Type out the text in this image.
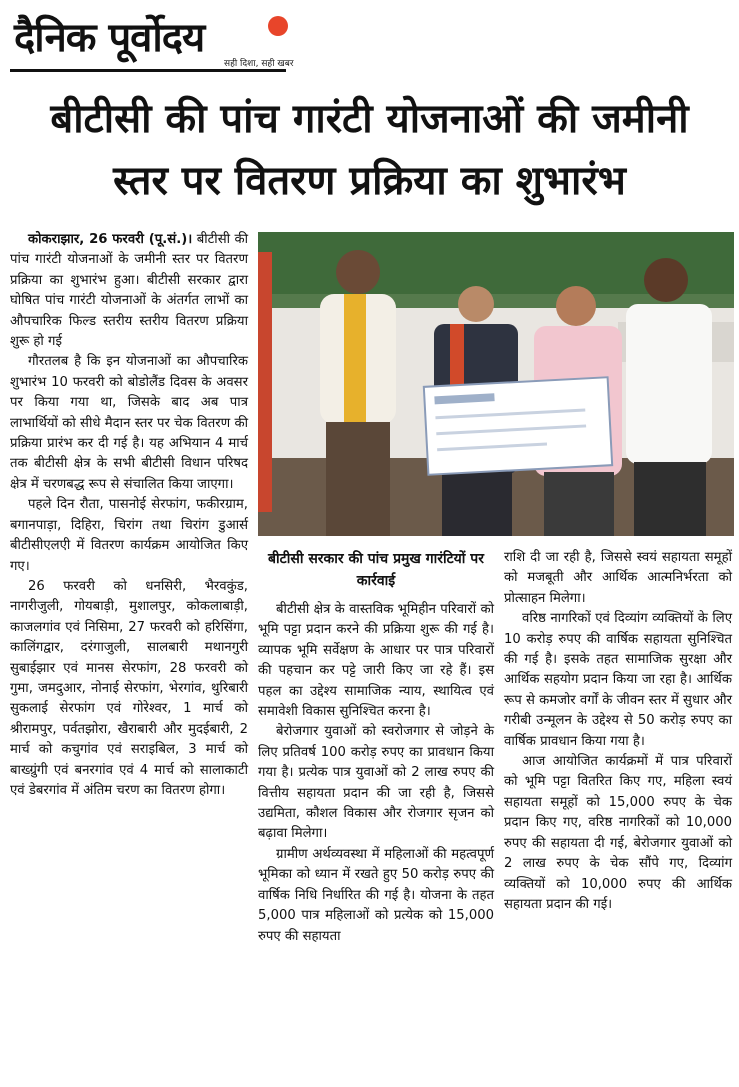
दैनिक पूर्वोदय
सही दिशा, सही खबर
बीटीसी की पांच गारंटी योजनाओं की जमीनी
स्तर पर वितरण प्रक्रिया का शुभारंभ

कोकराझार, 26 फरवरी (पू.सं.)। बीटीसी की पांच गारंटी योजनाओं के जमीनी स्तर पर वितरण प्रक्रिया का शुभारंभ हुआ। बीटीसी सरकार द्वारा घोषित पांच गारंटी योजनाओं के अंतर्गत लाभों का औपचारिक फिल्ड स्तरीय स्तरीय वितरण प्रक्रिया शुरू हो गई

गौरतलब है कि इन योजनाओं का औपचारिक शुभारंभ 10 फरवरी को बोडोलैंड दिवस के अवसर पर किया गया था, जिसके बाद अब पात्र लाभार्थियों को सीधे मैदान स्तर पर चेक वितरण की प्रक्रिया प्रारंभ कर दी गई है। यह अभियान 4 मार्च तक बीटीसी क्षेत्र के सभी बीटीसी विधान परिषद क्षेत्र में चरणबद्ध रूप से संचालित किया जाएगा।

पहले दिन रौता, पासनोई सेरफांग, फकीरग्राम, बगानपाड़ा, दिहिरा, चिरांग तथा चिरांग डुआर्स बीटीसीएलएी में वितरण कार्यक्रम आयोजित किए गए।

26 फरवरी को धनसिरी, भैरवकुंड, नागरीजुली, गोयबाड़ी, मुशालपुर, कोकलाबाड़ी, काजलगांव एवं निसिमा, 27 फरवरी को हरिसिंगा, कालिंगद्वार, दरंगाजुली, सालबारी मथानगुरी सुबाईझार एवं मानस सेरफांग, 28 फरवरी को गुमा, जमदुआर, नोनाई सेरफांग, भेरगांव, थुरिबारी सुकलाई सेरफांग एवं गोरेश्वर, 1 मार्च को श्रीरामपुर, पर्वतझोरा, खैराबारी और मुदईबारी, 2 मार्च को कचुगांव एवं सराइबिल, 3 मार्च को बाख्ग्रुंगी एवं बनरगांव एवं 4 मार्च को सालाकाटी एवं डेबरगांव में अंतिम चरण का वितरण होगा।

बीटीसी सरकार की पांच प्रमुख गारंटियों पर कार्रवाई

बीटीसी क्षेत्र के वास्तविक भूमिहीन परिवारों को भूमि पट्टा प्रदान करने की प्रक्रिया शुरू की गई है। व्यापक भूमि सर्वेक्षण के आधार पर पात्र परिवारों की पहचान कर पट्टे जारी किए जा रहे हैं। इस पहल का उद्देश्य सामाजिक न्याय, स्थायित्व एवं समावेशी विकास सुनिश्चित करना है।

बेरोजगार युवाओं को स्वरोजगार से जोड़ने के लिए प्रतिवर्ष 100 करोड़ रुपए का प्रावधान किया गया है। प्रत्येक पात्र युवाओं को 2 लाख रुपए की वित्तीय सहायता प्रदान की जा रही है, जिससे उद्यमिता, कौशल विकास और रोजगार सृजन को बढ़ावा मिलेगा।

ग्रामीण अर्थव्यवस्था में महिलाओं की महत्वपूर्ण भूमिका को ध्यान में रखते हुए 50 करोड़ रुपए की वार्षिक निधि निर्धारित की गई है। योजना के तहत 5,000 पात्र महिलाओं को प्रत्येक को 15,000 रुपए की सहायता

राशि दी जा रही है, जिससे स्वयं सहायता समूहों को मजबूती और आर्थिक आत्मनिर्भरता को प्रोत्साहन मिलेगा।

वरिष्ठ नागरिकों एवं दिव्यांग व्यक्तियों के लिए 10 करोड़ रुपए की वार्षिक सहायता सुनिश्चित की गई है। इसके तहत सामाजिक सुरक्षा और आर्थिक सहयोग प्रदान किया जा रहा है। आर्थिक रूप से कमजोर वर्गों के जीवन स्तर में सुधार और गरीबी उन्मूलन के उद्देश्य से 50 करोड़ रुपए का वार्षिक प्रावधान किया गया है।

आज आयोजित कार्यक्रमों में पात्र परिवारों को भूमि पट्टा वितरित किए गए, महिला स्वयं सहायता समूहों को 15,000 रुपए के चेक प्रदान किए गए, वरिष्ठ नागरिकों को 10,000 रुपए की सहायता दी गई, बेरोजगार युवाओं को 2 लाख रुपए के चेक सौंपे गए, दिव्यांग व्यक्तियों को 10,000 रुपए की आर्थिक सहायता प्रदान की गई।
